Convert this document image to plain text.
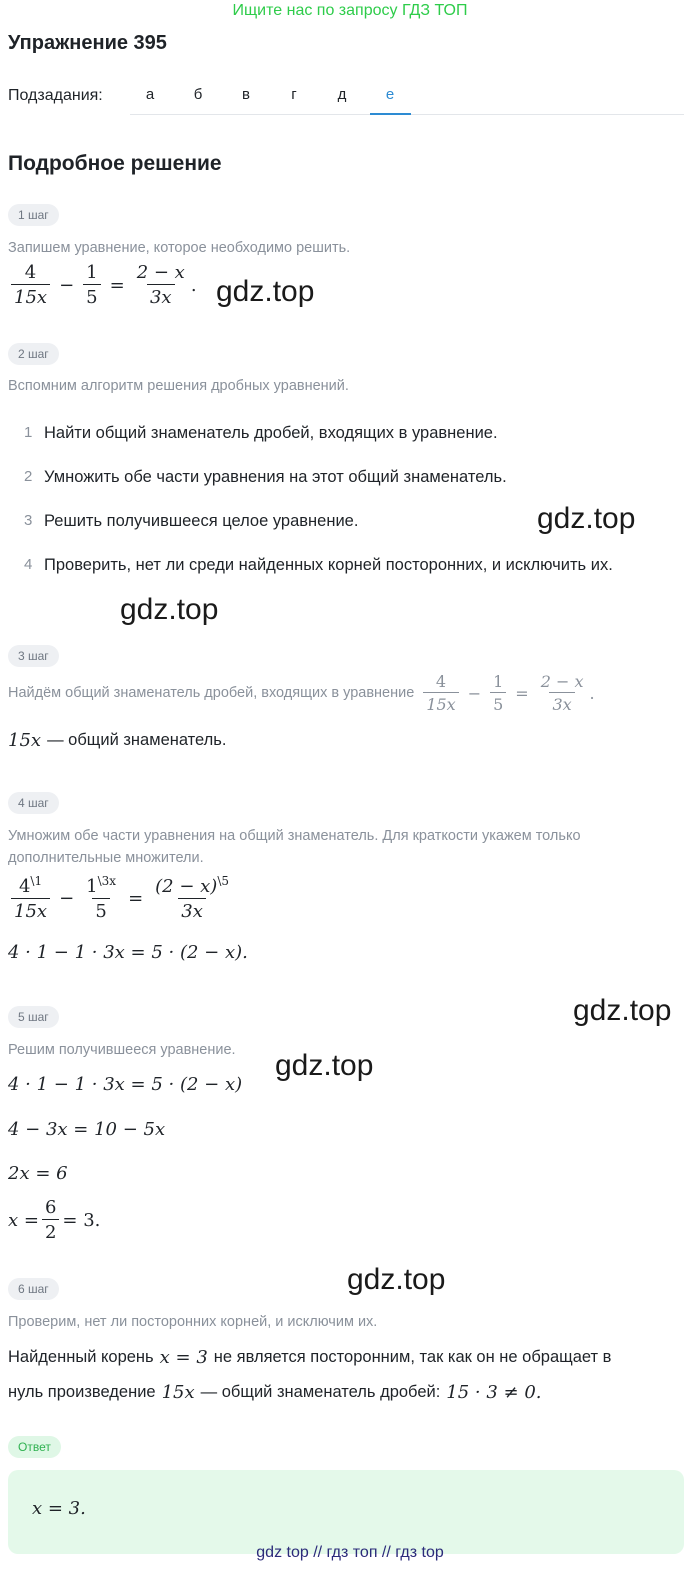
Ищите нас по запросу ГДЗ ТОП
Упражнение 395
Подзадания:	а	б	в	г	д	е
Подробное решение
1 шаг
Запишем уравнение, которое необходимо решить.
$\frac{4}{15x} - \frac{1}{5} = \frac{2 - x}{3x}$ . gdz.top
2 шаг
Вспомним алгоритм решения дробных уравнений.
1 Найти общий знаменатель дробей, входящих в уравнение.
2 Умножить обе части уравнения на этот общий знаменатель.
3 Решить получившееся целое уравнение.
4 Проверить, нет ли среди найденных корней посторонних, и исключить их.
gdz.top
gdz.top
3 шаг
Найдём общий знаменатель дробей, входящих в уравнение $\frac{4}{15x} - \frac{1}{5} = \frac{2 - x}{3x}$ .
15x — общий знаменатель.
4 шаг
Умножим обе части уравнения на общий знаменатель. Для краткости укажем только
дополнительные множители.
$\frac{4^{\backslash 1}}{15x} - \frac{1^{\backslash 3x}}{5} = \frac{(2 - x)^{\backslash 5}}{3x}$
4 · 1 − 1 · 3x = 5 · (2 − x).
gdz.top
5 шаг
Решим получившееся уравнение. gdz.top
4 · 1 − 1 · 3x = 5 · (2 − x)
4 − 3x = 10 − 5x
2x = 6
$x = \frac{6}{2} = 3$.
gdz.top
6 шаг
Проверим, нет ли посторонних корней, и исключим их.
Найденный корень x = 3 не является посторонним, так как он не обращает в
нуль произведение 15x — общий знаменатель дробей: 15 · 3 ≠ 0.
Ответ
x = 3.
gdz top // гдз топ // гдз top
